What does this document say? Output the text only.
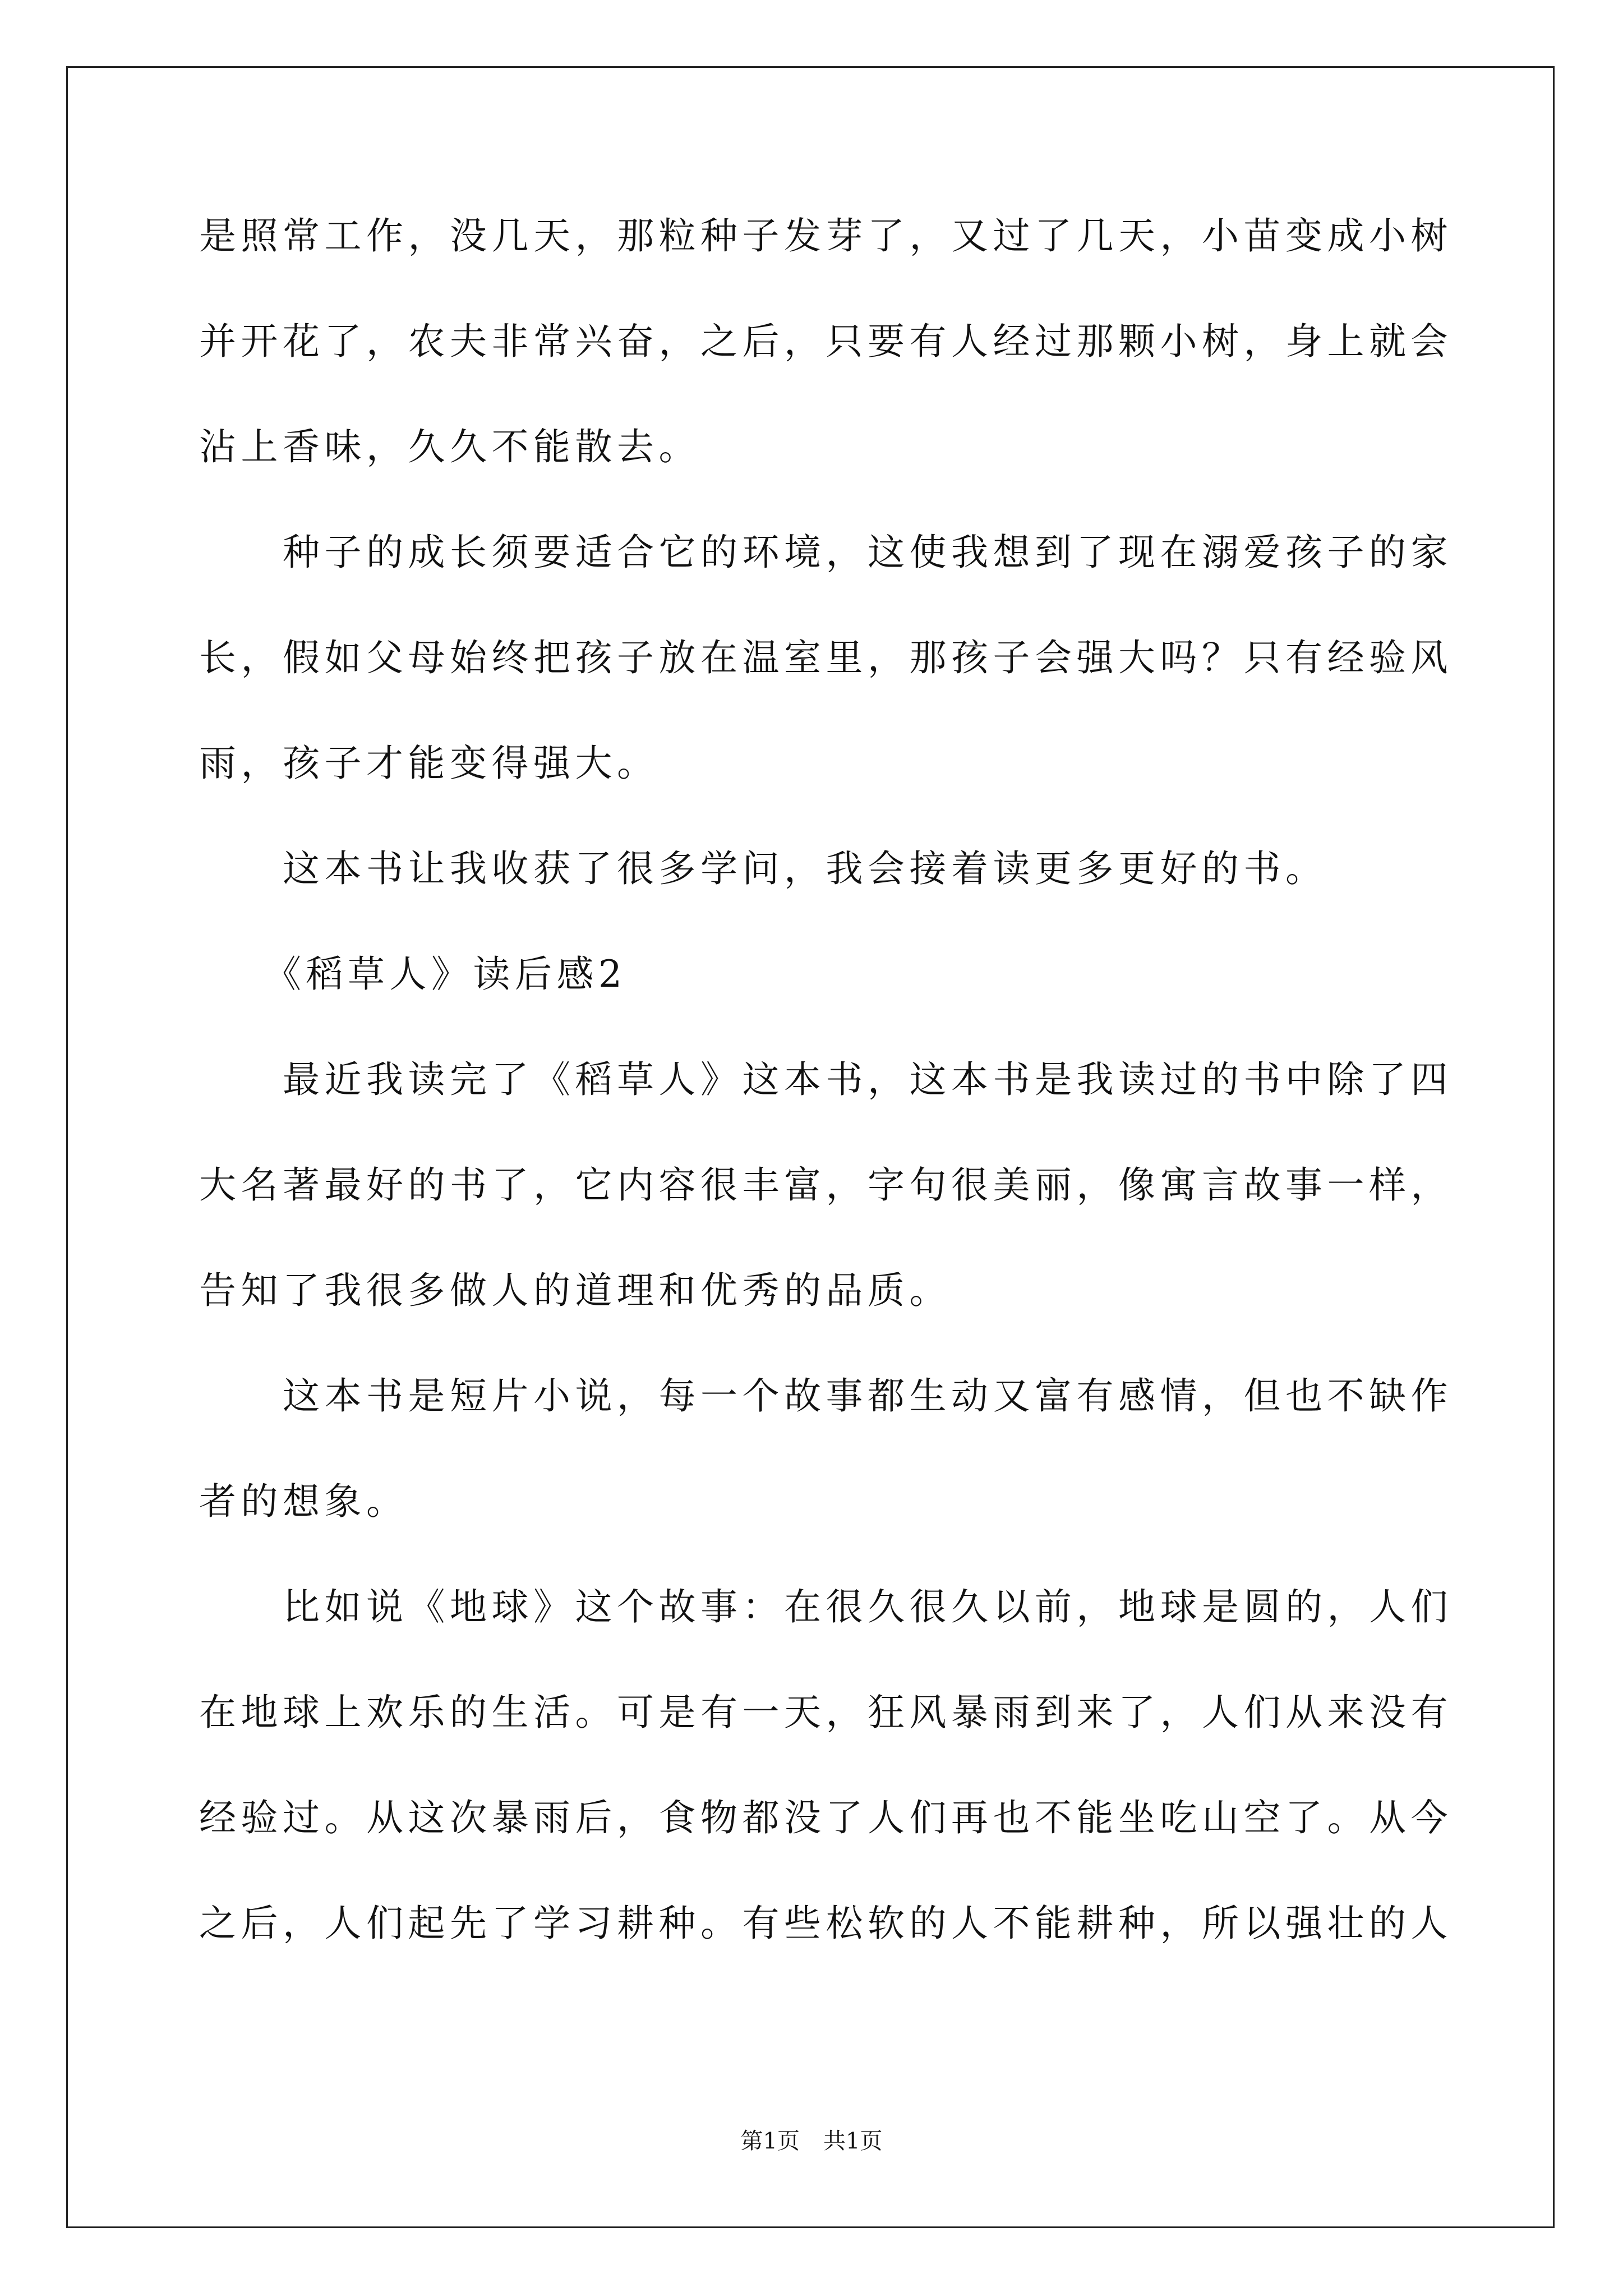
是照常工作，没几天，那粒种子发芽了，又过了几天，小苗变成小树
并开花了，农夫非常兴奋，之后，只要有人经过那颗小树，身上就会
沾上香味，久久不能散去。
　　种子的成长须要适合它的环境，这使我想到了现在溺爱孩子的家
长，假如父母始终把孩子放在温室里，那孩子会强大吗？只有经验风
雨，孩子才能变得强大。
　　这本书让我收获了很多学问，我会接着读更多更好的书。
　　《稻草人》读后感2
　　最近我读完了《稻草人》这本书，这本书是我读过的书中除了四
大名著最好的书了，它内容很丰富，字句很美丽，像寓言故事一样，
告知了我很多做人的道理和优秀的品质。
　　这本书是短片小说，每一个故事都生动又富有感情，但也不缺作
者的想象。
　　比如说《地球》这个故事：在很久很久以前，地球是圆的，人们
在地球上欢乐的生活。可是有一天，狂风暴雨到来了，人们从来没有
经验过。从这次暴雨后，食物都没了人们再也不能坐吃山空了。从今
之后，人们起先了学习耕种。有些松软的人不能耕种，所以强壮的人
第1页 共1页
